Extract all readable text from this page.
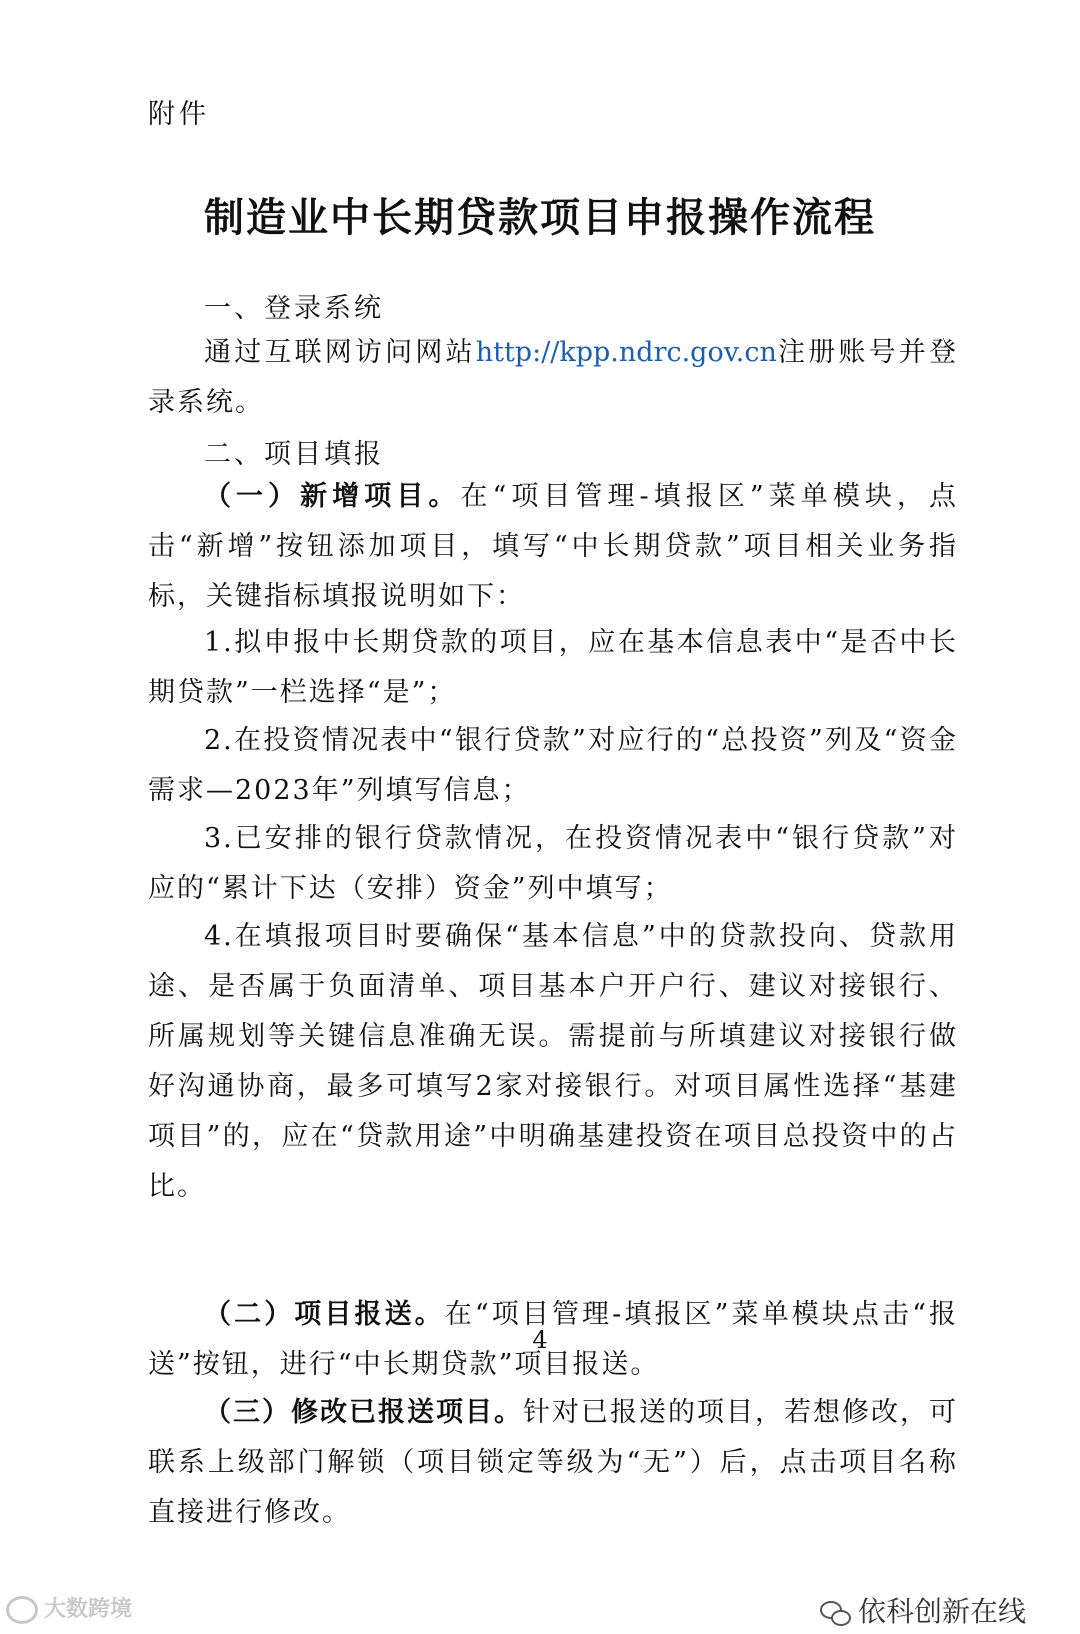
附件
制造业中长期贷款项目申报操作流程
一、登录系统

通过互联网访问网站http://kpp.ndrc.gov.cn注册账号并登录系统。

二、项目填报

（一）新增项目。在“项目管理-填报区”菜单模块，点击“新增”按钮添加项目，填写“中长期贷款”项目相关业务指标，关键指标填报说明如下：

1.拟申报中长期贷款的项目，应在基本信息表中“是否中长期贷款”一栏选择“是”；

2.在投资情况表中“银行贷款”对应行的“总投资”列及“资金需求—2023年”列填写信息；

3.已安排的银行贷款情况，在投资情况表中“银行贷款”对应的“累计下达（安排）资金”列中填写；

4.在填报项目时要确保“基本信息”中的贷款投向、贷款用途、是否属于负面清单、项目基本户开户行、建议对接银行、所属规划等关键信息准确无误。需提前与所填建议对接银行做好沟通协商，最多可填写2家对接银行。对项目属性选择“基建项目”的，应在“贷款用途”中明确基建投资在项目总投资中的占比。

4

（二）项目报送。在“项目管理-填报区”菜单模块点击“报送”按钮，进行“中长期贷款”项目报送。

（三）修改已报送项目。针对已报送的项目，若想修改，可联系上级部门解锁（项目锁定等级为“无”）后，点击项目名称直接进行修改。

大数跨境	依科创新在线
